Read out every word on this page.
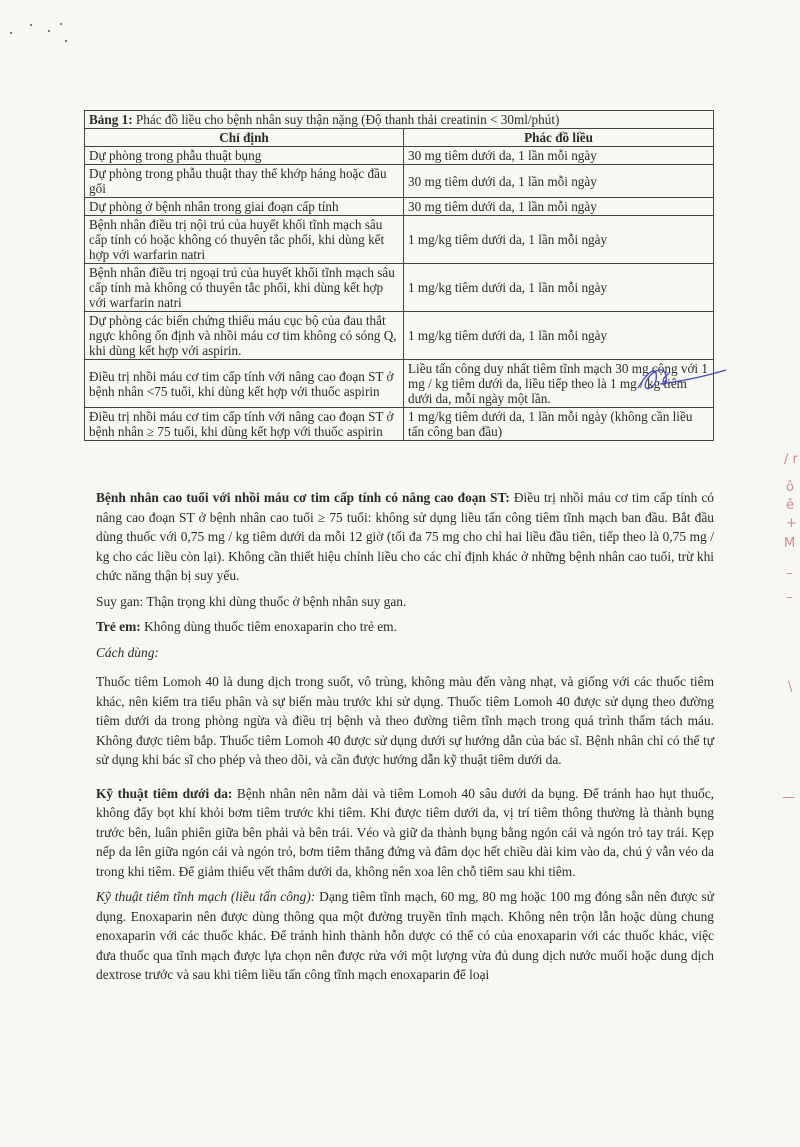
Bảng 1: Phác đồ liều cho bệnh nhân suy thận nặng (Độ thanh thải creatinin < 30ml/phút)
Chỉ định	Phác đồ liều
Dự phòng trong phẫu thuật bụng	30 mg tiêm dưới da, 1 lần mỗi ngày
Dự phòng trong phẫu thuật thay thế khớp háng hoặc đầu gối	30 mg tiêm dưới da, 1 lần mỗi ngày
Dự phòng ở bệnh nhân trong giai đoạn cấp tính	30 mg tiêm dưới da, 1 lần mỗi ngày
Bệnh nhân điều trị nội trú của huyết khối tĩnh mạch sâu cấp tính có hoặc không có thuyên tắc phổi, khi dùng kết hợp với warfarin natri	1 mg/kg tiêm dưới da, 1 lần mỗi ngày
Bệnh nhân điều trị ngoại trú của huyết khối tĩnh mạch sâu cấp tính mà không có thuyên tắc phổi, khi dùng kết hợp với warfarin natri	1 mg/kg tiêm dưới da, 1 lần mỗi ngày
Dự phòng các biến chứng thiếu máu cục bộ của đau thắt ngực không ổn định và nhồi máu cơ tim không có sóng Q, khi dùng kết hợp với aspirin.	1 mg/kg tiêm dưới da, 1 lần mỗi ngày
Điều trị nhồi máu cơ tim cấp tính với nâng cao đoạn ST ở bệnh nhân <75 tuổi, khi dùng kết hợp với thuốc aspirin	Liều tấn công duy nhất tiêm tĩnh mạch 30 mg cộng với 1 mg / kg tiêm dưới da, liều tiếp theo là 1 mg / kg tiêm dưới da, mỗi ngày một lần.
Điều trị nhồi máu cơ tim cấp tính với nâng cao đoạn ST ở bệnh nhân ≥ 75 tuổi, khi dùng kết hợp với thuốc aspirin	1 mg/kg tiêm dưới da, 1 lần mỗi ngày (không cần liều tấn công ban đầu)

Bệnh nhân cao tuổi với nhồi máu cơ tim cấp tính có nâng cao đoạn ST: Điều trị nhồi máu cơ tim cấp tính có nâng cao đoạn ST ở bệnh nhân cao tuổi ≥ 75 tuổi: không sử dụng liều tấn công tiêm tĩnh mạch ban đầu. Bắt đầu dùng thuốc với 0,75 mg / kg tiêm dưới da mỗi 12 giờ (tối đa 75 mg cho chỉ hai liều đầu tiên, tiếp theo là 0,75 mg / kg cho các liều còn lại). Không cần thiết hiệu chỉnh liều cho các chỉ định khác ở những bệnh nhân cao tuổi, trừ khi chức năng thận bị suy yếu.

Suy gan: Thận trọng khi dùng thuốc ở bệnh nhân suy gan.

Trẻ em: Không dùng thuốc tiêm enoxaparin cho trẻ em.

Cách dùng:

Thuốc tiêm Lomoh 40 là dung dịch trong suốt, vô trùng, không màu đến vàng nhạt, và giống với các thuốc tiêm khác, nên kiểm tra tiểu phân và sự biến màu trước khi sử dụng. Thuốc tiêm Lomoh 40 được sử dụng theo đường tiêm dưới da trong phòng ngừa và điều trị bệnh và theo đường tiêm tĩnh mạch trong quá trình thẩm tách máu. Không được tiêm bắp. Thuốc tiêm Lomoh 40 được sử dụng dưới sự hướng dẫn của bác sĩ. Bệnh nhân chỉ có thể tự sử dụng khi bác sĩ cho phép và theo dõi, và cần được hướng dẫn kỹ thuật tiêm dưới da.

Kỹ thuật tiêm dưới da: Bệnh nhân nên nằm dài và tiêm Lomoh 40 sâu dưới da bụng. Để tránh hao hụt thuốc, không đẩy bọt khí khỏi bơm tiêm trước khi tiêm. Khi được tiêm dưới da, vị trí tiêm thông thường là thành bụng trước bên, luân phiên giữa bên phải và bên trái. Véo và giữ da thành bụng bằng ngón cái và ngón trỏ tay trái. Kẹp nếp da lên giữa ngón cái và ngón trỏ, bơm tiêm thẳng đứng và đâm dọc hết chiều dài kim vào da, chú ý vẫn véo da trong khi tiêm. Để giảm thiểu vết thâm dưới da, không nên xoa lên chỗ tiêm sau khi tiêm.

Kỹ thuật tiêm tĩnh mạch (liều tấn công): Dạng tiêm tĩnh mạch, 60 mg, 80 mg hoặc 100 mg đóng sẵn nên được sử dụng. Enoxaparin nên được dùng thông qua một đường truyền tĩnh mạch. Không nên trộn lẫn hoặc dùng chung enoxaparin với các thuốc khác. Để tránh hình thành hỗn dược có thể có của enoxaparin với các thuốc khác, việc đưa thuốc qua tĩnh mạch được lựa chọn nên được rửa với một lượng vừa đủ dung dịch nước muối hoặc dung dịch dextrose trước và sau khi tiêm liều tấn công tĩnh mạch enoxaparin để loại

/ r
ô
ê
+
M
–
–
\
—
